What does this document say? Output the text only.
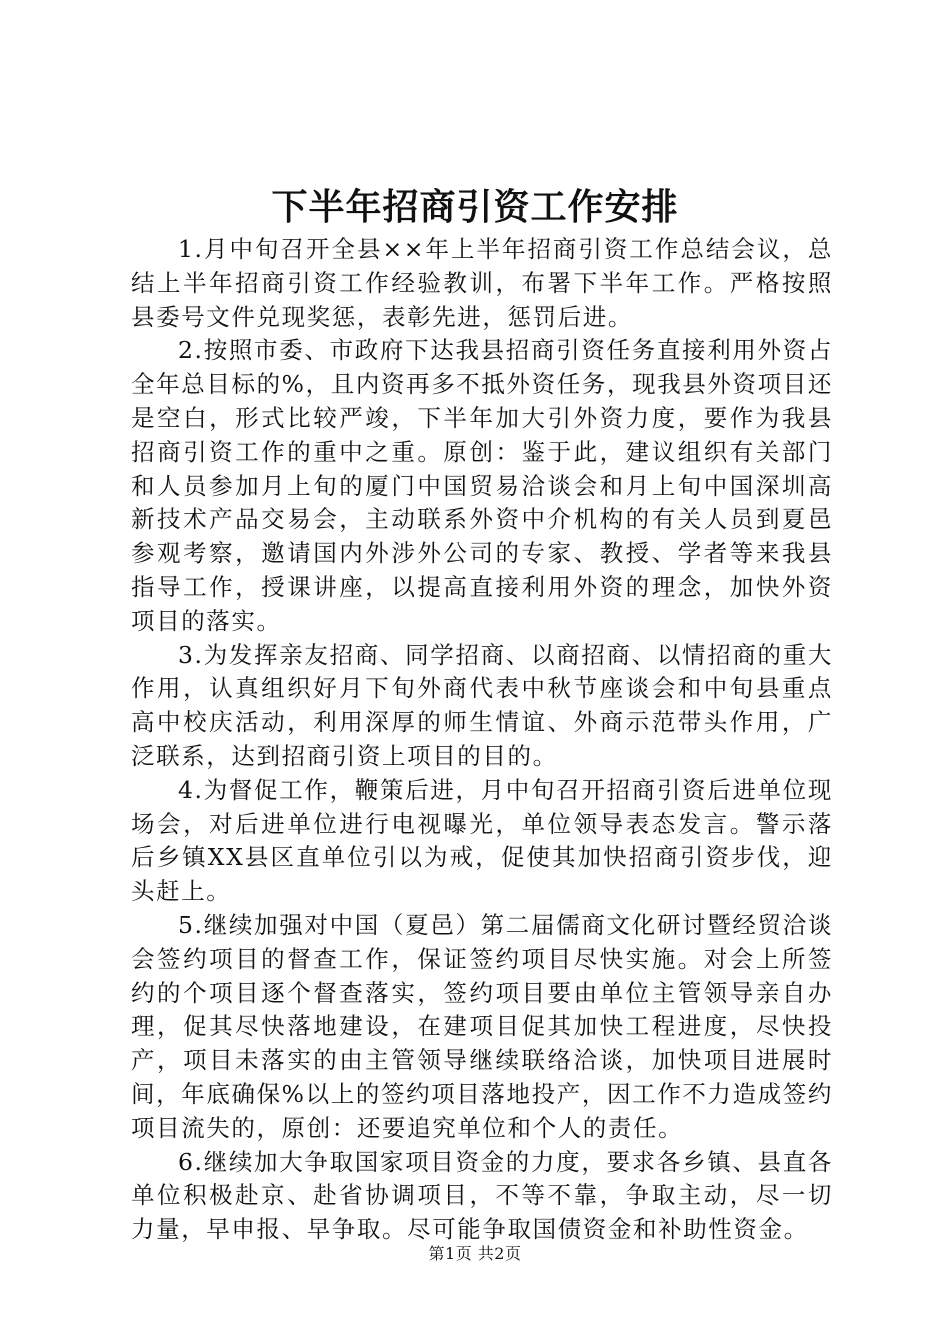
下半年招商引资工作安排

1.月中旬召开全县××年上半年招商引资工作总结会议，总结上半年招商引资工作经验教训，布署下半年工作。严格按照县委号文件兑现奖惩，表彰先进，惩罚后进。

2.按照市委、市政府下达我县招商引资任务直接利用外资占全年总目标的%，且内资再多不抵外资任务，现我县外资项目还是空白，形式比较严竣，下半年加大引外资力度，要作为我县招商引资工作的重中之重。原创：鉴于此，建议组织有关部门和人员参加月上旬的厦门中国贸易洽谈会和月上旬中国深圳高新技术产品交易会，主动联系外资中介机构的有关人员到夏邑参观考察，邀请国内外涉外公司的专家、教授、学者等来我县指导工作，授课讲座，以提高直接利用外资的理念，加快外资项目的落实。

3.为发挥亲友招商、同学招商、以商招商、以情招商的重大作用，认真组织好月下旬外商代表中秋节座谈会和中旬县重点高中校庆活动，利用深厚的师生情谊、外商示范带头作用，广泛联系，达到招商引资上项目的目的。

4.为督促工作，鞭策后进，月中旬召开招商引资后进单位现场会，对后进单位进行电视曝光，单位领导表态发言。警示落后乡镇XX县区直单位引以为戒，促使其加快招商引资步伐，迎头赶上。

5.继续加强对中国（夏邑）第二届儒商文化研讨暨经贸洽谈会签约项目的督查工作，保证签约项目尽快实施。对会上所签约的个项目逐个督查落实，签约项目要由单位主管领导亲自办理，促其尽快落地建设，在建项目促其加快工程进度，尽快投产，项目未落实的由主管领导继续联络洽谈，加快项目进展时间，年底确保%以上的签约项目落地投产，因工作不力造成签约项目流失的，原创：还要追究单位和个人的责任。

6.继续加大争取国家项目资金的力度，要求各乡镇、县直各单位积极赴京、赴省协调项目，不等不靠，争取主动，尽一切力量，早申报、早争取。尽可能争取国债资金和补助性资金。

第1页 共2页
